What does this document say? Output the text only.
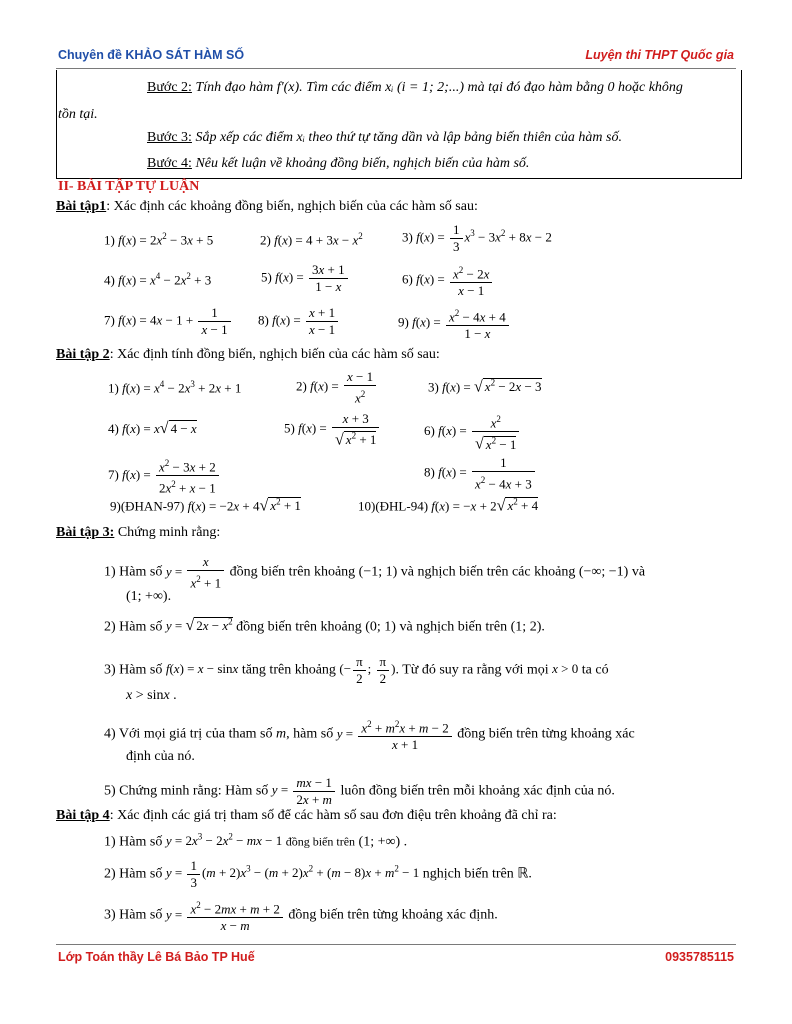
Chuyên đề KHẢO SÁT HÀM SỐ	Luyện thi THPT Quốc gia
Bước 2: Tính đạo hàm f'(x). Tìm các điểm xᵢ (i = 1; 2;...) mà tại đó đạo hàm bằng 0 hoặc không
tồn tại.
Bước 3: Sắp xếp các điểm xᵢ theo thứ tự tăng dần và lập bảng biến thiên của hàm số.
Bước 4: Nêu kết luận về khoảng đồng biến, nghịch biến của hàm số.
II- BÀI TẬP TỰ LUẬN
Bài tập1: Xác định các khoảng đồng biến, nghịch biến của các hàm số sau:
1) $f(x) = 2x^2 - 3x + 5$	2) $f(x) = 4 + 3x - x^2$	3) $f(x) = \frac{1}{3} x^3 - 3x^2 + 8x - 2$
4) $f(x) = x^4 - 2x^2 + 3$	5) $f(x) = \frac{3x + 1}{1 - x}$	6) $f(x) = \frac{x^2 - 2x}{x - 1}$
7) $f(x) = 4x - 1 + \frac{1}{x - 1} 8$) $f(x) = \frac{x + 1}{x - 1}$	9) $f(x) = \frac{x^2 - 4x + 4}{1 - x}$
Bài tập 2: Xác định tính đồng biến, nghịch biến của các hàm số sau:
1) $f(x) = x^4 - 2x^3 + 2x + 1$	2) $f(x) = \frac{x - 1}{x^2}$	3) f(x) = √ $x^2 - 2x - 3$
4) f(x) = x√ 4 − x	5) $f(x) = \frac{x + 3}{√ x^2 + 1}$	6) $f(x) = \frac{x^2}{√ x^2 - 1}$
7) $f(x) = \frac{x^2 - 3x + 2}{2x^2 + x - 1}$	8) $f(x) = \frac{1}{x^2 - 4x + 3}$
9)(ĐHAN-97) f(x) = −2x + 4√ $x^2 + 1$	10)(ĐHL-94) f(x) = −x + 2√ $x^2 + 4$
Bài tập 3: Chứng minh rằng:
1) Hàm số $y = \frac{x}{x^2 + 1}$ đồng biến trên khoảng (−1; 1) và nghịch biến trên các khoảng (−∞; −1) và
(1; +∞).
2) Hàm số y = √ $2x - x^2$ đồng biến trên khoảng (0; 1) và nghịch biến trên (1; 2).
3) Hàm số f(x) = x − sinx tăng trên khoảng (− $\frac{\pi}{2}$ ; $\frac{\pi}{2}$ ). Từ đó suy ra rằng với mọi x > 0 ta có
x > sinx .
4) Với mọi giá trị của tham số m, hàm số $y = \frac{x^2 + m^2x + m - 2}{x + 1}$ đồng biến trên từng khoảng xác
định của nó.
5) Chứng minh rằng: Hàm số $y = \frac{mx - 1}{2x + m}$ luôn đồng biến trên mỗi khoảng xác định của nó.
Bài tập 4: Xác định các giá trị tham số để các hàm số sau đơn điệu trên khoảng đã chỉ ra:
1) Hàm số $y = 2x^3 - 2x^2$ − mx − 1 đồng biến trên (1; +∞) .
2) Hàm số $y = \frac{1}{3} (m + 2)x^3 - (m + 2)x^2 + (m - 8)x + m^2 - 1$ nghịch biến trên ℝ.
3) Hàm số $y = \frac{x^2 - 2mx + m + 2}{x - m}$ đồng biến trên từng khoảng xác định.
Lớp Toán thầy Lê Bá Bảo TP Huế	0935785115
